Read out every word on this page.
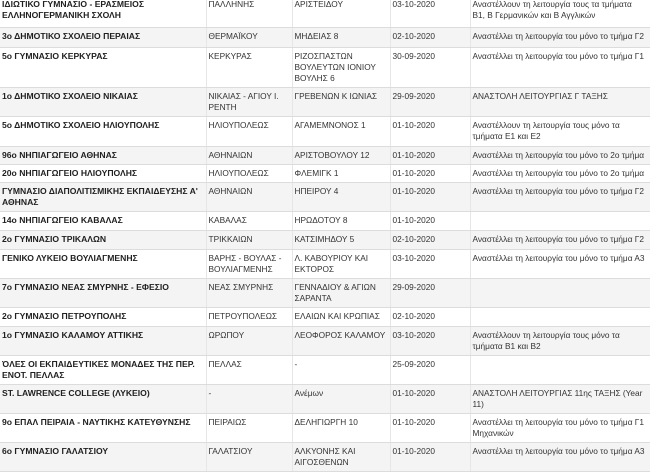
ΙΔΙΩΤΙΚΟ ΓΥΜΝΑΣΙΟ - ΕΡΑΣΜΕΙΟΣ ΕΛΛΗΝΟΓΕΡΜΑΝΙΚΗ ΣΧΟΛΗ	ΠΑΛΛΗΝΗΣ	ΑΡΙΣΤΕΙΔΟΥ	03-10-2020	Αναστέλλουν τη λειτουργία τους τα τμήματα Β1, Β Γερμανικών και Β Αγγλικών
3ο ΔΗΜΟΤΙΚΟ ΣΧΟΛΕΙΟ ΠΕΡΑΙΑΣ	ΘΕΡΜΑΪΚΟΥ	ΜΗΔΕΙΑΣ 8	02-10-2020	Αναστέλλει τη λειτουργία του μόνο το τμήμα Γ2
5ο ΓΥΜΝΑΣΙΟ ΚΕΡΚΥΡΑΣ	ΚΕΡΚΥΡΑΣ	ΡΙΖΟΣΠΑΣΤΩΝ ΒΟΥΛΕΥΤΩΝ ΙΟΝΙΟΥ ΒΟΥΛΗΣ 6	30-09-2020	Αναστέλλει τη λειτουργία του μόνο το τμήμα Γ1
1ο ΔΗΜΟΤΙΚΟ ΣΧΟΛΕΙΟ ΝΙΚΑΙΑΣ	ΝΙΚΑΙΑΣ - ΑΓΙΟΥ Ι. ΡΕΝΤΗ	ΓΡΕΒΕΝΩΝ Κ ΙΩΝΙΑΣ	29-09-2020	ΑΝΑΣΤΟΛΗ ΛΕΙΤΟΥΡΓΙΑΣ Γ ΤΑΞΗΣ
5ο ΔΗΜΟΤΙΚΟ ΣΧΟΛΕΙΟ ΗΛΙΟΥΠΟΛΗΣ	ΗΛΙΟΥΠΟΛΕΩΣ	ΑΓΑΜΕΜΝΟΝΟΣ 1	01-10-2020	Αναστέλλουν τη λειτουργία τους μόνο τα τμήματα Ε1 και Ε2
96ο ΝΗΠΙΑΓΩΓΕΙΟ ΑΘΗΝΑΣ	ΑΘΗΝΑΙΩΝ	ΑΡΙΣΤΟΒΟΥΛΟΥ 12	01-10-2020	Αναστέλλει τη λειτουργία του μόνο το 2ο τμήμα
20ο ΝΗΠΙΑΓΩΓΕΙΟ ΗΛΙΟΥΠΟΛΗΣ	ΗΛΙΟΥΠΟΛΕΩΣ	ΦΛΕΜΙΓΚ 1	01-10-2020	Αναστέλλει τη λειτουργία του μόνο το 2ο τμήμα
ΓΥΜΝΑΣΙΟ ΔΙΑΠΟΛΙΤΙΣΜΙΚΗΣ ΕΚΠΑΙΔΕΥΣΗΣ Α' ΑΘΗΝΑΣ	ΑΘΗΝΑΙΩΝ	ΗΠΕΙΡΟΥ 4	01-10-2020	Αναστέλλει τη λειτουργία του μόνο το τμήμα Γ2
14ο ΝΗΠΙΑΓΩΓΕΙΟ ΚΑΒΑΛΑΣ	ΚΑΒΑΛΑΣ	ΗΡΩΔΟΤΟΥ 8	01-10-2020	
2ο ΓΥΜΝΑΣΙΟ ΤΡΙΚΑΛΩΝ	ΤΡΙΚΚΑΙΩΝ	ΚΑΤΣΙΜΗΔΟΥ 5	02-10-2020	Αναστέλλει τη λειτουργία του μόνο το τμήμα Γ2
ΓΕΝΙΚΟ ΛΥΚΕΙΟ ΒΟΥΛΙΑΓΜΕΝΗΣ	ΒΑΡΗΣ - ΒΟΥΛΑΣ - ΒΟΥΛΙΑΓΜΕΝΗΣ	Λ. ΚΑΒΟΥΡΙΟΥ ΚΑΙ ΕΚΤΟΡΟΣ	03-10-2020	Αναστέλλει τη λειτουργία του μόνο το τμήμα Α3
7ο ΓΥΜΝΑΣΙΟ ΝΕΑΣ ΣΜΥΡΝΗΣ - ΕΦΕΣΙΟ	ΝΕΑΣ ΣΜΥΡΝΗΣ	ΓΕΝΝΑΔΙΟΥ & ΑΓΙΩΝ ΣΑΡΑΝΤΑ	29-09-2020	
2ο ΓΥΜΝΑΣΙΟ ΠΕΤΡΟΥΠΟΛΗΣ	ΠΕΤΡΟΥΠΟΛΕΩΣ	ΕΛΑΙΩΝ ΚΑΙ ΚΡΩΠΙΑΣ	02-10-2020	
1ο ΓΥΜΝΑΣΙΟ ΚΑΛΑΜΟΥ ΑΤΤΙΚΗΣ	ΩΡΩΠΟΥ	ΛΕΟΦΟΡΟΣ ΚΑΛΑΜΟΥ	03-10-2020	Αναστέλλουν τη λειτουργία τους μόνο τα τμήματα Β1 και Β2
ΌΛΕΣ ΟΙ ΕΚΠΑΙΔΕΥΤΙΚΕΣ ΜΟΝΑΔΕΣ ΤΗΣ ΠΕΡ. ΕΝΟΤ. ΠΕΛΛΑΣ	ΠΕΛΛΑΣ	-	25-09-2020	
ST. LAWRENCE COLLEGE (ΛΥΚΕΙΟ)	-	Ανέμων	01-10-2020	ΑΝΑΣΤΟΛΗ ΛΕΙΤΟΥΡΓΙΑΣ 11ης ΤΑΞΗΣ (Year 11)
9ο ΕΠΑΛ ΠΕΙΡΑΙΑ - ΝΑΥΤΙΚΗΣ ΚΑΤΕΥΘΥΝΣΗΣ	ΠΕΙΡΑΙΩΣ	ΔΕΛΗΓΙΩΡΓΗ 10	01-10-2020	Αναστέλλει τη λειτουργία του μόνο το τμήμα Γ1 Μηχανικών
6ο ΓΥΜΝΑΣΙΟ ΓΑΛΑΤΣΙΟΥ	ΓΑΛΑΤΣΙΟΥ	ΑΛΚΥΟΝΗΣ ΚΑΙ ΑΙΓΟΣΘΕΝΩΝ	01-10-2020	Αναστέλλει τη λειτουργία του μόνο το τμήμα Α3
